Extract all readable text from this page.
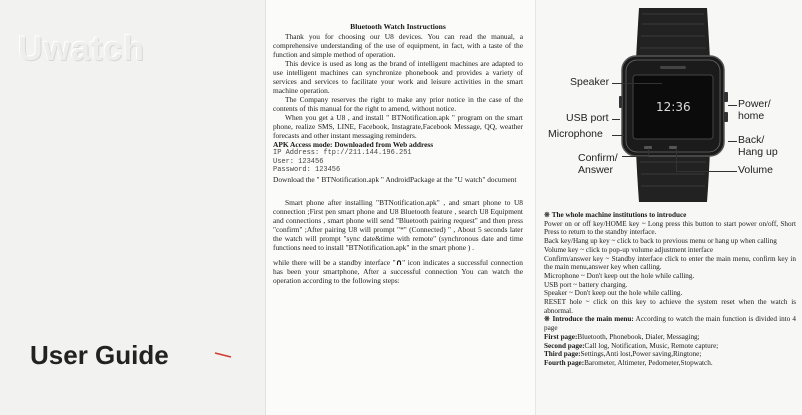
Uwatch
User Guide

Bluetooth Watch Instructions

Thank you for choosing our U8 devices. You can read the manual, a comprehensive understanding of the use of equipment, in fact, with a taste of the function and simple method of operation.

This device is used as long as the brand of intelligent machines are adapted to use intelligent machines can synchronize phonebook and provides a variety of services and services to facilitate your work and leisure activities in the smart machine operation.

The Company reserves the right to make any prior notice in the case of the contents of this manual for the right to amend, without notice.

When you get a U8 , and install " BTNotification.apk " program on the smart phone, realize SMS, LINE, Facebook, Instagrate,Facebook Message, QQ, weather forecasts and other instant messaging reminders.

APK Access mode: Downloaded from Web address

IP Address: ftp://211.144.196.251

User: 123456

Password: 123456

Download the " BTNotification.apk " AndroidPackage at the "U watch" document

Smart phone after installing "BTNotification.apk" , and smart phone to U8 connection ;First pen smart phone and U8 Bluetooth feature , search U8 Equipment and connections , smart phone will send "Bluetooth pairing request" and then press "confirm" ;After pairing U8 will prompt "*" (Connected) " , About 5 seconds later the watch will prompt "sync date&time with remote" (synchronous date and time functions need to install "BTNotification.apk" in the smart phone ) .

while there will be a standby interface "∩" icon indicates a successful connection has been your smartphone, After a successful connection You can watch the operation according to the following steps:

12:36
Speaker
USB port
Microphone
Confirm/
Answer
Power/
home
Back/
Hang up
Volume

※ The whole machine institutions to introduce

Power on or off key/HOME key ~ Long press this button to start power on/off, Short Press to return to the standby interface.

Back key/Hang up key ~ click to back to previous menu or hang up when calling

Volume key ~ click to pop-up volume adjustment interface

Confirm/answer key ~ Standby interface click to enter the main menu, confirm key in the main menu,answer key when calling.

Microphone ~ Don't keep out the hole while calling.

USB port ~ battery charging.

Speaker ~ Don't keep out the hole while calling.

RESET hole ~ click on this key to achieve the system reset when the watch is abnormal.

※ Introduce the main menu: According to watch the main function is divided into 4 page

First page:Bluetooth, Phonebook, Dialer, Messaging;

Second page:Call log, Notification, Music, Remote capture;

Third page:Settings,Anti lost,Power saving,Ringtone;

Fourth page:Barometer, Altimeter, Pedometer,Stopwatch.
